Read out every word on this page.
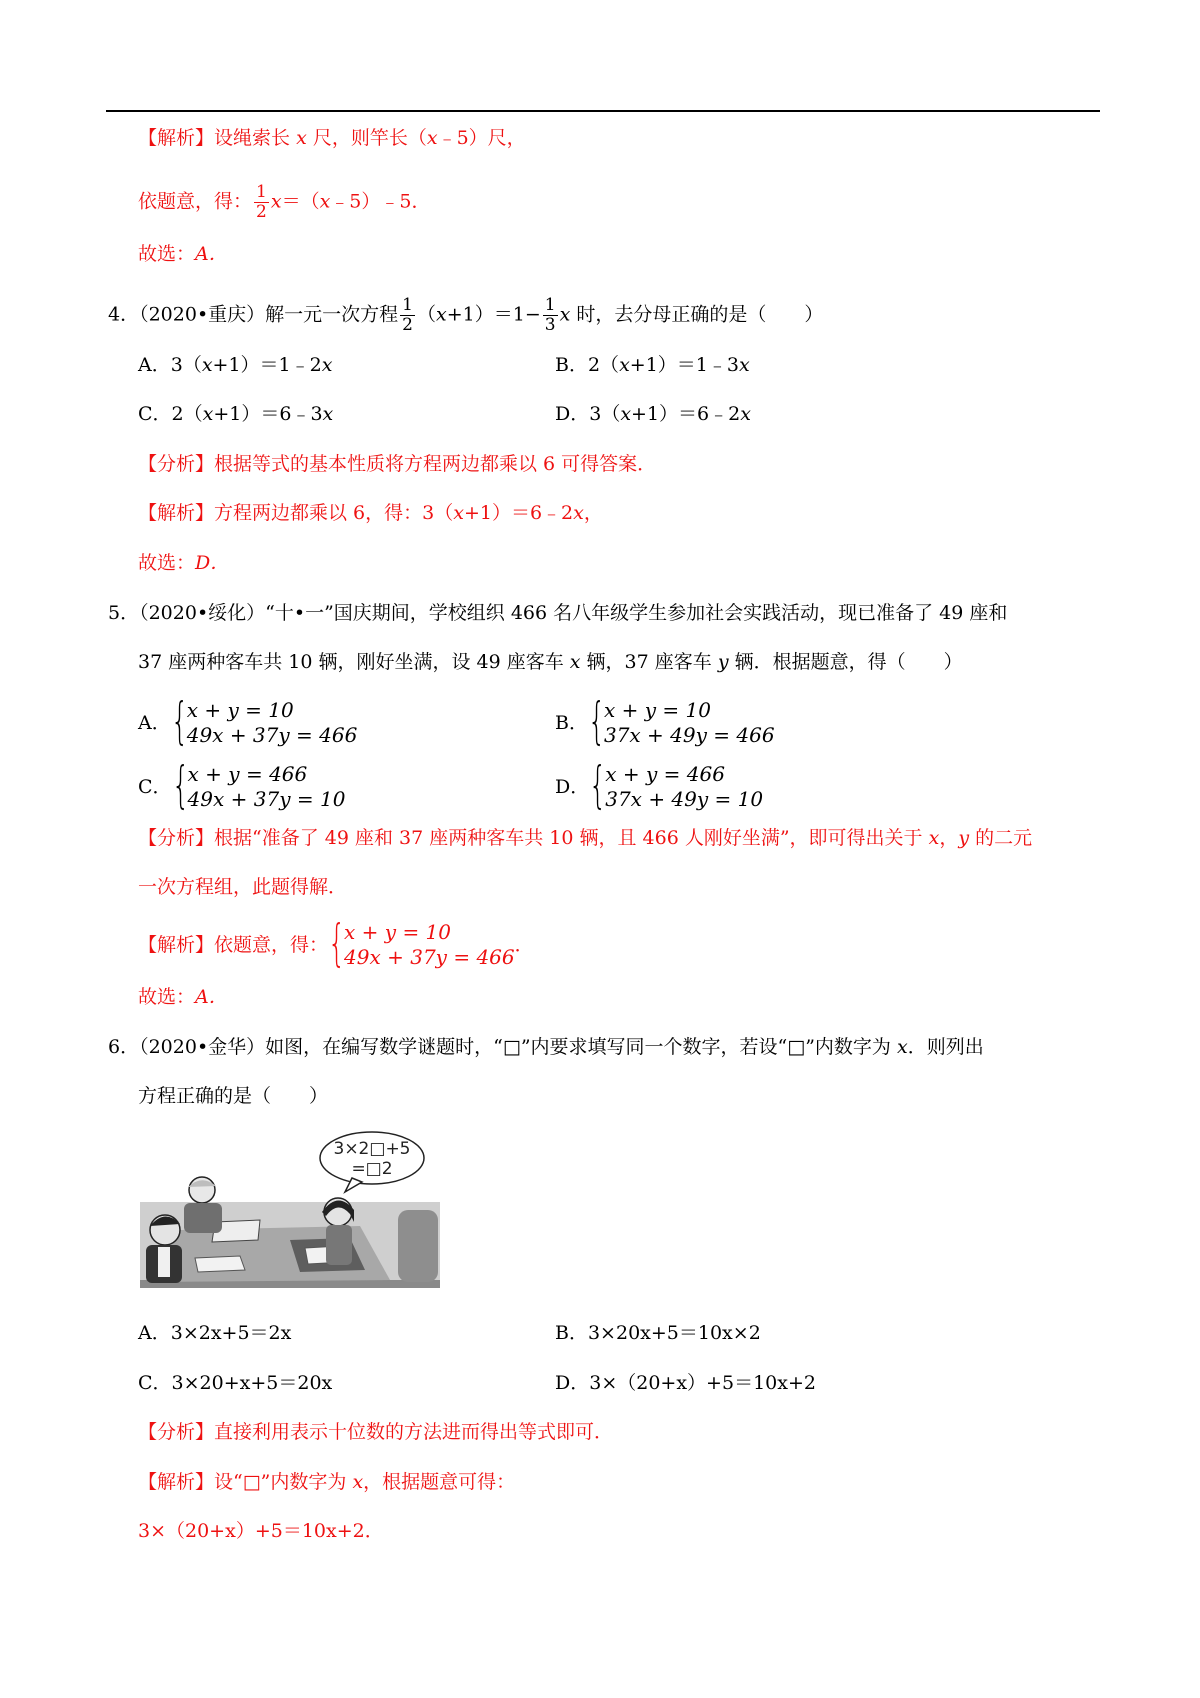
【解析】设绳索长 x 尺，则竿长（x﹣5）尺，
依题意，得： $\frac{1}{2}$ x＝（x﹣5）﹣5．
故选：A．
4．（2020•重庆）解一元一次方程 $\frac{1}{2} (x+1)=1- \frac{1}{3}$ x 时，去分母正确的是（　　）
A．3（x+1）＝1﹣2x	B．2（x+1）＝1﹣3x
C．2（x+1）＝6﹣3x	D．3（x+1）＝6﹣2x
【分析】根据等式的基本性质将方程两边都乘以 6 可得答案．
【解析】方程两边都乘以 6，得：3（x+1）＝6﹣2x，
故选：D．
5．（2020•绥化）“十•一”国庆期间，学校组织 466 名八年级学生参加社会实践活动，现已准备了 49 座和
37 座两种客车共 10 辆，刚好坐满，设 49 座客车 x 辆，37 座客车 y 辆．根据题意，得（　　）
A． {
x + y = 10
49x + 37y = 466	B． {
x + y = 10
37x + 49y = 466
C． {
x + y = 466
49x + 37y = 10	D． {
x + y = 466
37x + 49y = 10
【分析】根据“准备了 49 座和 37 座两种客车共 10 辆，且 466 人刚好坐满”，即可得出关于 x，y 的二元
一次方程组，此题得解．
【解析】依题意，得： {
x + y = 10
49x + 37y = 466 ．
故选：A．
6．（2020•金华）如图，在编写数学谜题时，“□”内要求填写同一个数字，若设“□”内数字为 x．则列出
方程正确的是（　　）
3×2□+5
=□2
A．3×2x+5＝2x	B．3×20x+5＝10x×2
C．3×20+x+5＝20x	D．3×（20+x）+5＝10x+2
【分析】直接利用表示十位数的方法进而得出等式即可．
【解析】设“□”内数字为 x，根据题意可得：
3×（20+x）+5＝10x+2．
